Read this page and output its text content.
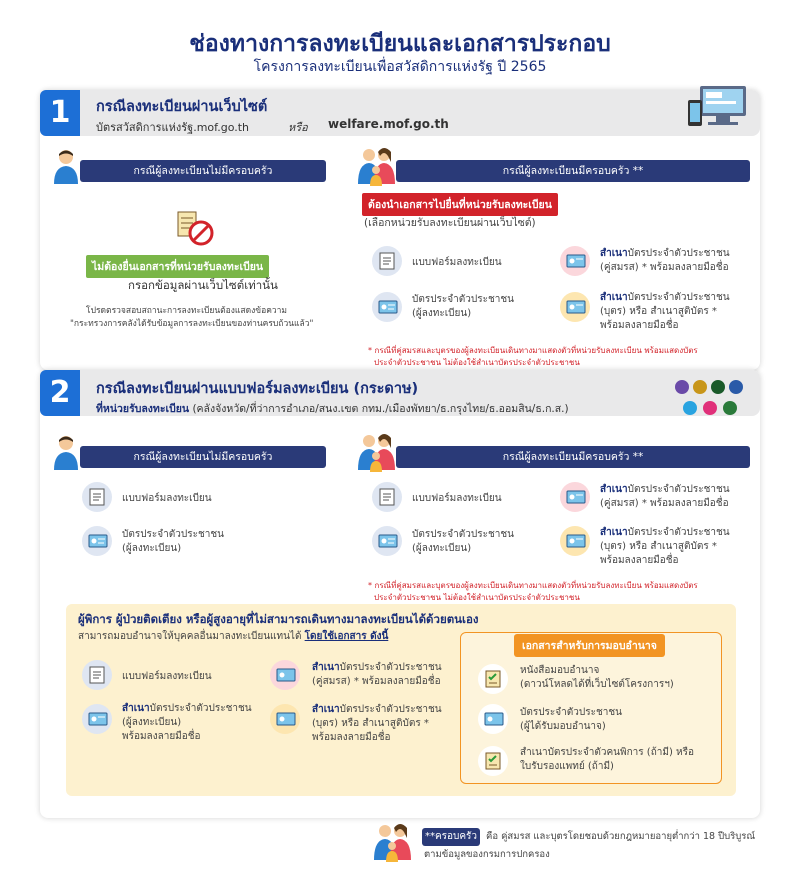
ช่องทางการลงทะเบียนและเอกสารประกอบ
โครงการลงทะเบียนเพื่อสวัสดิการแห่งรัฐ ปี 2565
1	กรณีลงทะเบียนผ่านเว็บไซต์
บัตรสวัสดิการแห่งรัฐ.mof.go.th	หรือ welfare.mof.go.th
กรณีผู้ลงทะเบียนไม่มีครอบครัว
ไม่ต้องยื่นเอกสารที่หน่วยรับลงทะเบียน
กรอกข้อมูลผ่านเว็บไซต์เท่านั้น
โปรดตรวจสอบสถานะการลงทะเบียนต้องแสดงข้อความ
"กระทรวงการคลังได้รับข้อมูลการลงทะเบียนของท่านครบถ้วนแล้ว"
กรณีผู้ลงทะเบียนมีครอบครัว **
ต้องนำเอกสารไปยื่นที่หน่วยรับลงทะเบียน
(เลือกหน่วยรับลงทะเบียนผ่านเว็บไซต์)
แบบฟอร์มลงทะเบียน
บัตรประจำตัวประชาชน
(ผู้ลงทะเบียน)
สำเนาบัตรประจำตัวประชาชน
(คู่สมรส) * พร้อมลงลายมือชื่อ
สำเนาบัตรประจำตัวประชาชน
(บุตร) หรือ สำเนาสูติบัตร *
พร้อมลงลายมือชื่อ
* กรณีที่คู่สมรสและบุตรของผู้ลงทะเบียนเดินทางมาแสดงตัวที่หน่วยรับลงทะเบียน พร้อมแสดงบัตร
ประจำตัวประชาชน ไม่ต้องใช้สำเนาบัตรประจำตัวประชาชน
2	กรณีลงทะเบียนผ่านแบบฟอร์มลงทะเบียน (กระดาษ)
ที่หน่วยรับลงทะเบียน (คลังจังหวัด/ที่ว่าการอำเภอ/สนง.เขต กทม./เมืองพัทยา/ธ.กรุงไทย/ธ.ออมสิน/ธ.ก.ส.)
กรณีผู้ลงทะเบียนไม่มีครอบครัว
แบบฟอร์มลงทะเบียน
บัตรประจำตัวประชาชน
(ผู้ลงทะเบียน)
กรณีผู้ลงทะเบียนมีครอบครัว **
แบบฟอร์มลงทะเบียน
บัตรประจำตัวประชาชน
(ผู้ลงทะเบียน)
สำเนาบัตรประจำตัวประชาชน
(คู่สมรส) * พร้อมลงลายมือชื่อ
สำเนาบัตรประจำตัวประชาชน
(บุตร) หรือ สำเนาสูติบัตร *
พร้อมลงลายมือชื่อ
* กรณีที่คู่สมรสและบุตรของผู้ลงทะเบียนเดินทางมาแสดงตัวที่หน่วยรับลงทะเบียน พร้อมแสดงบัตร
ประจำตัวประชาชน ไม่ต้องใช้สำเนาบัตรประจำตัวประชาชน
ผู้พิการ ผู้ป่วยติดเตียง หรือผู้สูงอายุที่ไม่สามารถเดินทางมาลงทะเบียนได้ด้วยตนเอง
สามารถมอบอำนาจให้บุคคลอื่นมาลงทะเบียนแทนได้ โดยใช้เอกสาร ดังนี้
แบบฟอร์มลงทะเบียน
สำเนาบัตรประจำตัวประชาชน
(ผู้ลงทะเบียน)
พร้อมลงลายมือชื่อ
สำเนาบัตรประจำตัวประชาชน
(คู่สมรส) * พร้อมลงลายมือชื่อ
สำเนาบัตรประจำตัวประชาชน
(บุตร) หรือ สำเนาสูติบัตร *
พร้อมลงลายมือชื่อ
เอกสารสำหรับการมอบอำนาจ
หนังสือมอบอำนาจ
(ดาวน์โหลดได้ที่เว็บไซต์โครงการฯ)
บัตรประจำตัวประชาชน
(ผู้ได้รับมอบอำนาจ)
สำเนาบัตรประจำตัวคนพิการ (ถ้ามี) หรือ
ใบรับรองแพทย์ (ถ้ามี)
**ครอบครัว คือ คู่สมรส และบุตรโดยชอบด้วยกฎหมายอายุต่ำกว่า 18 ปีบริบูรณ์
ตามข้อมูลของกรมการปกครอง
